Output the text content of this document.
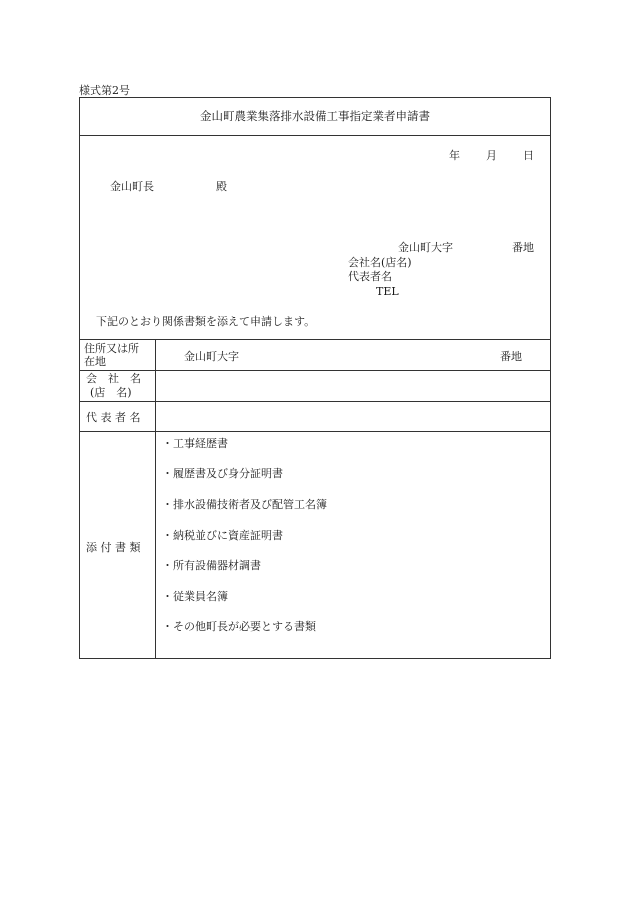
様式第2号
金山町農業集落排水設備工事指定業者申請書
年 月 日
金山町長	殿
金山町大字	番地
会社名(店名)
代表者名
TEL
下記のとおり関係書類を添えて申請します。
住所又は所
在地	金山町大字	番地
会　社　名
(店　名)
代 表 者 名
添 付 書 類
・工事経歴書
・履歴書及び身分証明書
・排水設備技術者及び配管工名簿
・納税並びに資産証明書
・所有設備器材調書
・従業員名簿
・その他町長が必要とする書類
